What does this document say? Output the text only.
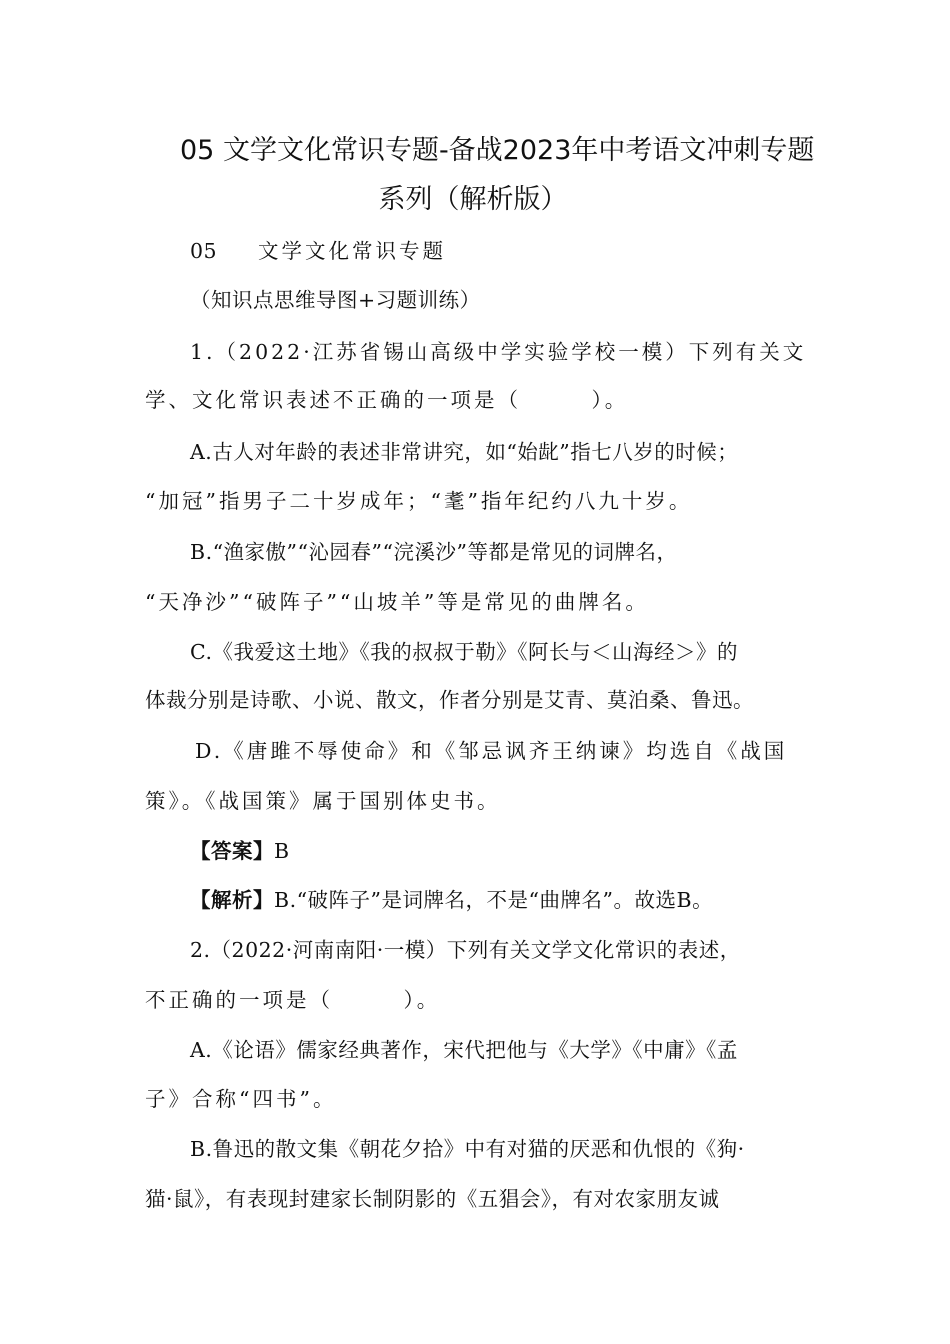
05 文学文化常识专题-备战2023年中考语文冲刺专题
系列（解析版）
05 文学文化常识专题
（知识点思维导图+习题训练）
1.（2022·江苏省锡山高级中学实验学校一模）下列有关文
学、文化常识表述不正确的一项是（　　　）。
A.古人对年龄的表述非常讲究，如“始龀”指七八岁的时候；
“加冠”指男子二十岁成年；“耄”指年纪约八九十岁。
B.“渔家傲”“沁园春”“浣溪沙”等都是常见的词牌名，
“天净沙”“破阵子”“山坡羊”等是常见的曲牌名。
C.《我爱这土地》《我的叔叔于勒》《阿长与＜山海经＞》的
体裁分别是诗歌、小说、散文，作者分别是艾青、莫泊桑、鲁迅。
D.《唐雎不辱使命》和《邹忌讽齐王纳谏》均选自《战国
策》。《战国策》属于国别体史书。
【答案】B
【解析】B.“破阵子”是词牌名，不是“曲牌名”。故选B。
2.（2022·河南南阳·一模）下列有关文学文化常识的表述，
不正确的一项是（　　　）。
A.《论语》儒家经典著作，宋代把他与《大学》《中庸》《孟
子》合称“四书”。
B.鲁迅的散文集《朝花夕拾》中有对猫的厌恶和仇恨的《狗·
猫·鼠》，有表现封建家长制阴影的《五猖会》，有对农家朋友诚
